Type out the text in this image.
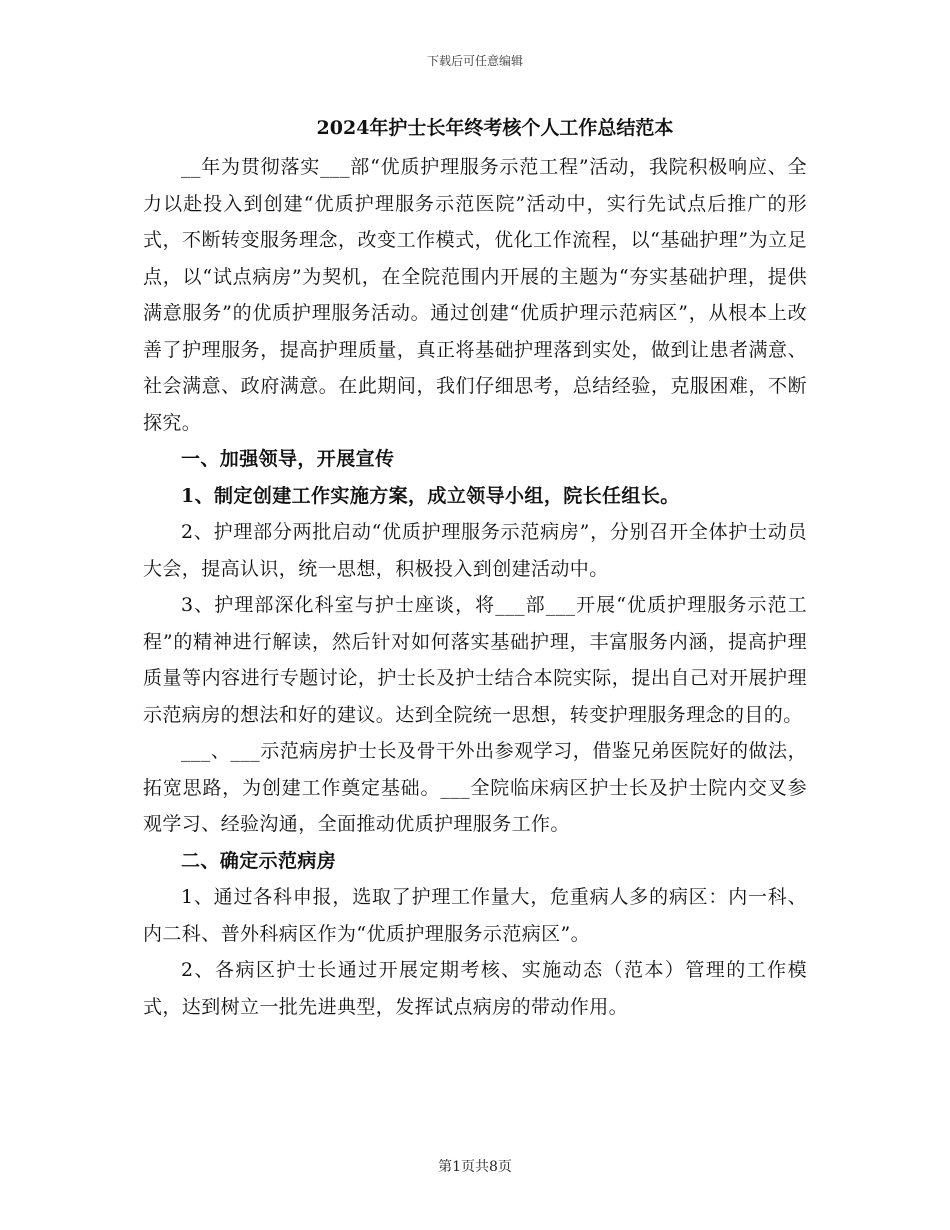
下载后可任意编辑
2024年护士长年终考核个人工作总结范本

__年为贯彻落实___部“优质护理服务示范工程”活动，我院积极响应、全力以赴投入到创建“优质护理服务示范医院”活动中，实行先试点后推广的形式，不断转变服务理念，改变工作模式，优化工作流程，以“基础护理”为立足点，以“试点病房”为契机，在全院范围内开展的主题为“夯实基础护理，提供满意服务”的优质护理服务活动。通过创建“优质护理示范病区”，从根本上改善了护理服务，提高护理质量，真正将基础护理落到实处，做到让患者满意、社会满意、政府满意。在此期间，我们仔细思考，总结经验，克服困难，不断探究。

一、加强领导，开展宣传

1、制定创建工作实施方案，成立领导小组，院长任组长。

2、护理部分两批启动“优质护理服务示范病房”，分别召开全体护士动员大会，提高认识，统一思想，积极投入到创建活动中。

3、护理部深化科室与护士座谈，将___部___开展“优质护理服务示范工程”的精神进行解读，然后针对如何落实基础护理，丰富服务内涵，提高护理质量等内容进行专题讨论，护士长及护士结合本院实际，提出自己对开展护理示范病房的想法和好的建议。达到全院统一思想，转变护理服务理念的目的。

___、___示范病房护士长及骨干外出参观学习，借鉴兄弟医院好的做法，拓宽思路，为创建工作奠定基础。___全院临床病区护士长及护士院内交叉参观学习、经验沟通，全面推动优质护理服务工作。

二、确定示范病房

1、通过各科申报，选取了护理工作量大，危重病人多的病区：内一科、内二科、普外科病区作为“优质护理服务示范病区”。

2、各病区护士长通过开展定期考核、实施动态（范本）管理的工作模式，达到树立一批先进典型，发挥试点病房的带动作用。

第1页共8页
